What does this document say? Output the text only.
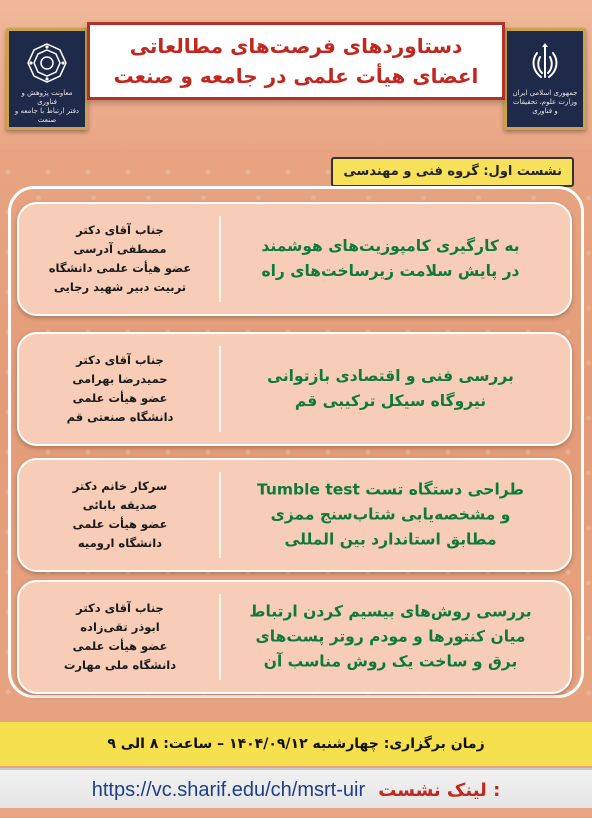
معاونت پژوهش و فناوری
دفتر ارتباط با جامعه و صنعت
جمهوری اسلامی ایران
وزارت علوم، تحقیقات و فناوری
دستاوردهای فرصت‌های مطالعاتی
اعضای هیأت علمی در جامعه و صنعت
نشست اول: گروه فنی و مهندسی
جناب آقای دکتر
مصطفی آدرسی
عضو هیأت علمی دانشگاه
تربیت دبیر شهید رجایی
به کارگیری کامپوزیت‌های هوشمند
در پایش سلامت زیرساخت‌های راه
جناب آقای دکتر
حمیدرضا بهرامی
عضو هیأت علمی
دانشگاه صنعتی قم
بررسی فنی و اقتصادی بازتوانی
نیروگاه سیکل ترکیبی قم
سرکار خانم دکتر
صدیقه بابائی
عضو هیأت علمی
دانشگاه ارومیه
طراحی دستگاه تست Tumble test
و مشخصه‌یابی شتاب‌سنج ممزی
مطابق استاندارد بین المللی
جناب آقای دکتر
ابوذر تقی‌زاده
عضو هیأت علمی
دانشگاه ملی مهارت
بررسی روش‌های بیسیم کردن ارتباط
میان کنتورها و مودم روتر پست‌های
برق و ساخت یک روش مناسب آن
زمان برگزاری: چهارشنبه ۱۴۰۴/۰۹/۱۲ – ساعت: ۸ الی ۹
https://vc.sharif.edu/ch/msrt-uir لینک نشست :
